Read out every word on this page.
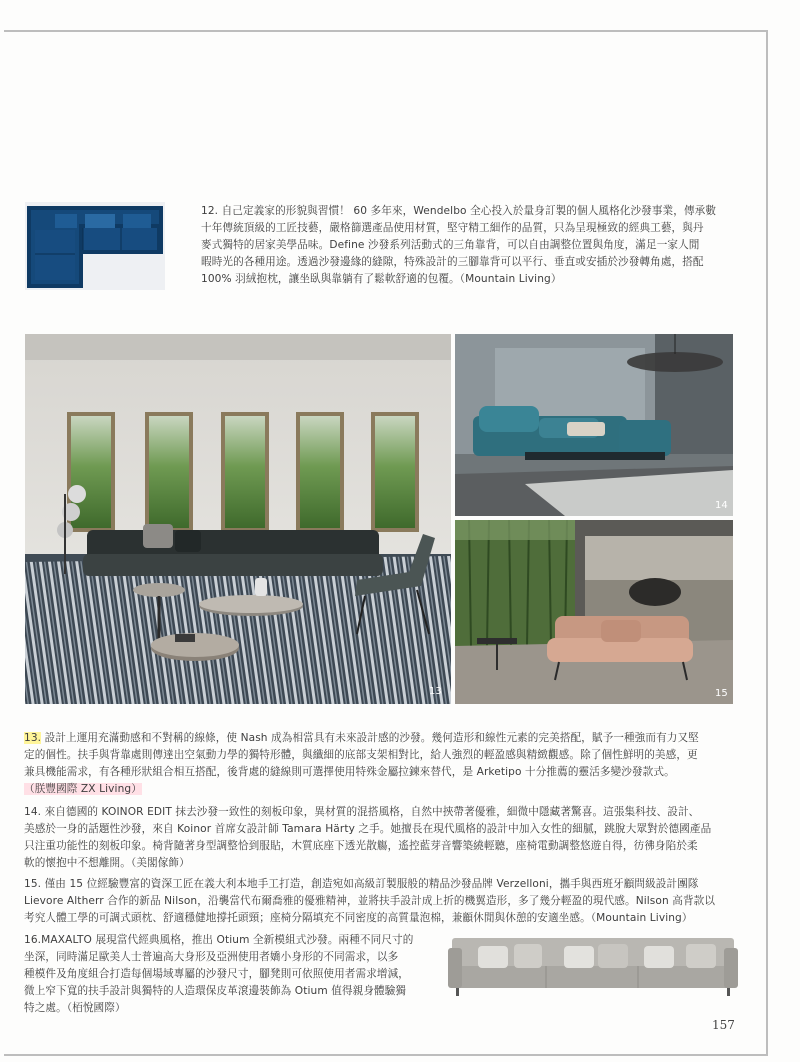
12. 自己定義家的形貌與習慣！ 60 多年來，Wendelbo 全心投入於量身訂製的個人風格化沙發事業，傳承數
十年傳統頂級的工匠技藝，嚴格篩選產品使用材質，堅守精工細作的品質，只為呈現極致的經典工藝，與丹
麥式獨特的居家美學品味。Define 沙發系列活動式的三角靠背，可以自由調整位置與角度，滿足一家人閒
暇時光的各種用途。透過沙發邊緣的縫隙，特殊設計的三腳靠背可以平行、垂直或安插於沙發轉角處，搭配
100% 羽絨抱枕，讓坐臥與靠躺有了鬆軟舒適的包覆。（Mountain Living）
13
14
15
13. 設計上運用充滿動感和不對稱的線條，使 Nash 成為相當具有未來設計感的沙發。幾何造形和線性元素的完美搭配，賦予一種強而有力又堅
定的個性。扶手與背靠處則傳達出空氣動力學的獨特形體，與纖細的底部支架相對比，給人強烈的輕盈感與精緻觀感。除了個性鮮明的美感，更
兼具機能需求，有各種形狀組合相互搭配，後背處的縫線則可選擇使用特殊金屬拉鍊來替代，是 Arketipo 十分推薦的靈活多變沙發款式。
（朕豐國際 ZX Living）
14. 來自德國的 KOINOR EDIT 抹去沙發一致性的刻板印象，異材質的混搭風格，自然中挾帶著優雅，細微中隱藏著驚喜。這張集科技、設計、
美感於一身的話題性沙發，來自 Koinor 首席女設計師 Tamara Härty 之手。她擅長在現代風格的設計中加入女性的細膩，跳脫大眾對於德國產品
只注重功能性的刻板印象。椅背隨著身型調整恰到服貼，木質底座下透光散觴，遙控藍芽音響築繞輕聽，座椅電動調整悠遊自得，彷彿身陷於柔
軟的懷抱中不想離開。（美閣傢飾）
15. 僅由 15 位經驗豐富的資深工匠在義大利本地手工打造，創造宛如高級訂製服般的精品沙發品牌 Verzelloni，攜手與西班牙顧問級設計團隊
Lievore Altherr 合作的新品 Nilson，沿襲當代布爾喬雅的優雅精神，並將扶手設計成上折的機翼造形，多了幾分輕盈的現代感。Nilson 高背款以
考究人體工學的可調式頭枕、舒適穩健地撐托頭頸；座椅分隔填充不同密度的高質量泡棉，兼顧休閒與休憩的安適坐感。（Mountain Living）
16.MAXALTO 展現當代經典風格，推出 Otium 全新模組式沙發。兩種不同尺寸的
坐深，同時滿足歐美人士普遍高大身形及亞洲使用者嬌小身形的不同需求，以多
種模件及角度組合打造每個場域專屬的沙發尺寸，腳凳則可依照使用者需求增減，
微上窄下寬的扶手設計與獨特的人造環保皮革滾邊裝飾為 Otium 值得親身體驗獨
特之處。（栢悅國際）
157
